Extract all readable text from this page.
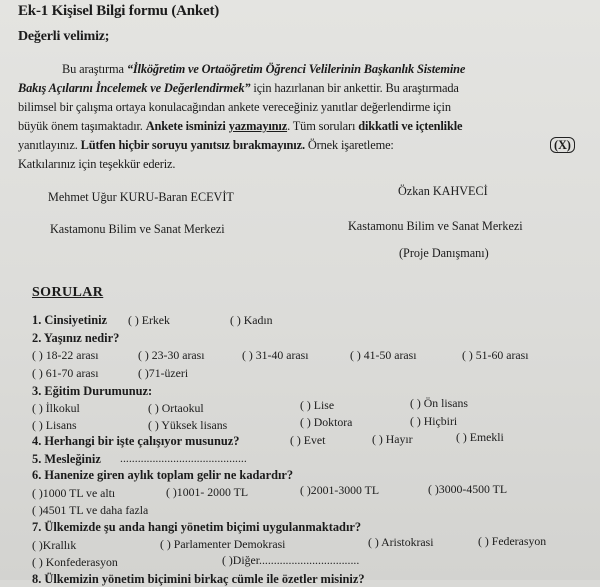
Ek-1 Kişisel Bilgi formu (Anket)
Değerli velimiz;
Bu araştırma “İlköğretim ve Ortaöğretim Öğrenci Velilerinin Başkanlık Sistemine
Bakış Açılarını İncelemek ve Değerlendirmek” için hazırlanan bir ankettir. Bu araştırmada
bilimsel bir çalışma ortaya konulacağından ankete vereceğiniz yanıtlar değerlendirme için
büyük önem taşımaktadır. Ankete isminizi yazmayınız. Tüm soruları dikkatli ve içtenlikle
yanıtlayınız. Lütfen hiçbir soruyu yanıtsız bırakmayınız. Örnek işaretleme:	(X)
Katkılarınız için teşekkür ederiz.
Mehmet Uğur KURU-Baran ECEVİT
Kastamonu Bilim ve Sanat Merkezi
Özkan KAHVECİ
Kastamonu Bilim ve Sanat Merkezi
(Proje Danışmanı)
SORULAR
1. Cinsiyetiniz ( ) Erkek	( ) Kadın
2. Yaşınız nedir?
( ) 18-22 arası	( ) 23-30 arası	( ) 31-40 arası	( ) 41-50 arası	( ) 51-60 arası
( ) 61-70 arası	( )71-üzeri
3. Eğitim Durumunuz:
( ) İlkokul	( ) Ortaokul	( ) Lise	( ) Ön lisans
( ) Lisans	( ) Yüksek lisans	( ) Doktora	( ) Hiçbiri
4. Herhangi bir işte çalışıyor musunuz?	( ) Evet	( ) Hayır	( ) Emekli
5. Mesleğiniz ...........................................
6. Hanenize giren aylık toplam gelir ne kadardır?
( )1000 TL ve altı	( )1001- 2000 TL	( )2001-3000 TL	( )3000-4500 TL
( )4501 TL ve daha fazla
7. Ülkemizde şu anda hangi yönetim biçimi uygulanmaktadır?
( )Krallık	( ) Parlamenter Demokrasi	( ) Aristokrasi	( ) Federasyon
( ) Konfederasyon	( )Diğer..................................
8. Ülkemizin yönetim biçimini birkaç cümle ile özetler misiniz?
